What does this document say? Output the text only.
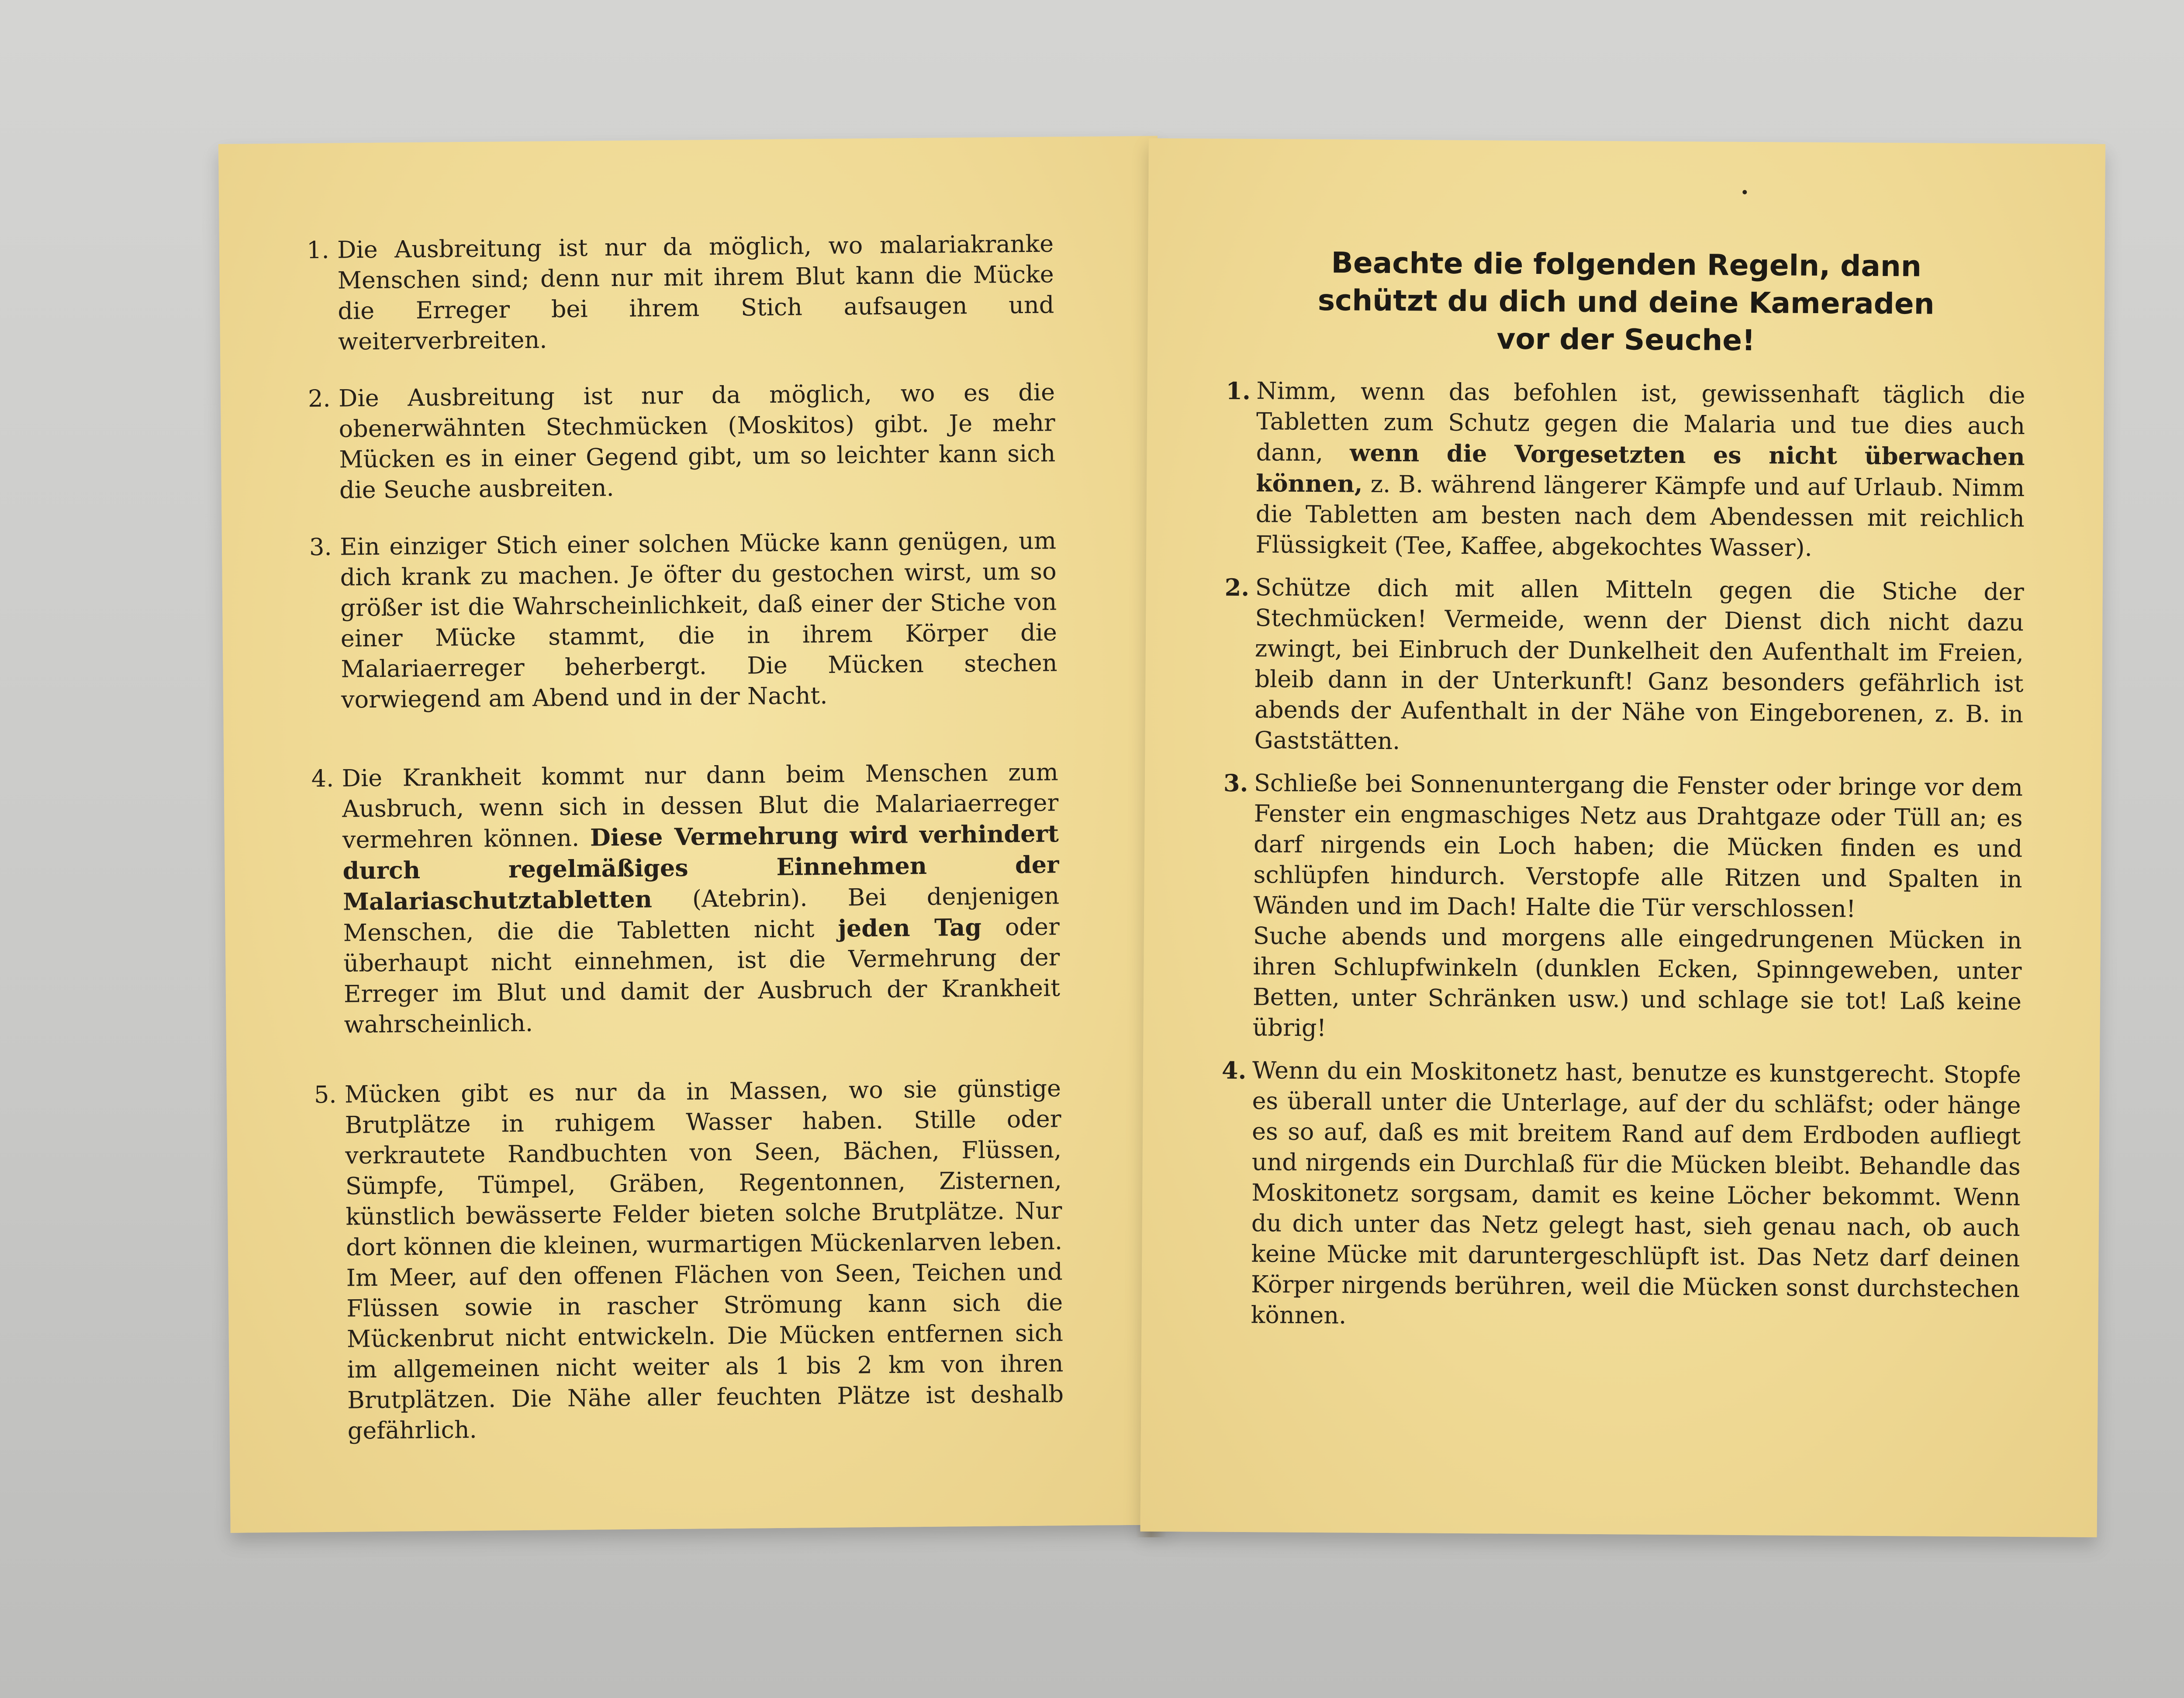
1. Die Ausbreitung ist nur da möglich, wo malariakranke Menschen sind; denn nur mit ihrem Blut kann die Mücke die Erreger bei ihrem Stich aufsaugen und weiterverbreiten.
2. Die Ausbreitung ist nur da möglich, wo es die obenerwähnten Stechmücken (Moskitos) gibt. Je mehr Mücken es in einer Gegend gibt, um so leichter kann sich die Seuche ausbreiten.
3. Ein einziger Stich einer solchen Mücke kann genügen, um dich krank zu machen. Je öfter du gestochen wirst, um so größer ist die Wahrscheinlichkeit, daß einer der Stiche von einer Mücke stammt, die in ihrem Körper die Malariaerreger beherbergt. Die Mücken stechen vorwiegend am Abend und in der Nacht.
4. Die Krankheit kommt nur dann beim Menschen zum Ausbruch, wenn sich in dessen Blut die Malariaerreger vermehren können. Diese Vermehrung wird verhindert durch regelmäßiges Einnehmen der Malariaschutztabletten (Atebrin). Bei denjenigen Menschen, die die Tabletten nicht jeden Tag oder überhaupt nicht einnehmen, ist die Vermehrung der Erreger im Blut und damit der Ausbruch der Krankheit wahrscheinlich.
5. Mücken gibt es nur da in Massen, wo sie günstige Brutplätze in ruhigem Wasser haben. Stille oder verkrautete Randbuchten von Seen, Bächen, Flüssen, Sümpfe, Tümpel, Gräben, Regentonnen, Zisternen, künstlich bewässerte Felder bieten solche Brutplätze. Nur dort können die kleinen, wurmartigen Mückenlarven leben. Im Meer, auf den offenen Flächen von Seen, Teichen und Flüssen sowie in rascher Strömung kann sich die Mückenbrut nicht entwickeln. Die Mücken entfernen sich im allgemeinen nicht weiter als 1 bis 2 km von ihren Brutplätzen. Die Nähe aller feuchten Plätze ist deshalb gefährlich.
Beachte die folgenden Regeln, dann
schützt du dich und deine Kameraden
vor der Seuche!
1. Nimm, wenn das befohlen ist, gewissenhaft täglich die Tabletten zum Schutz gegen die Malaria und tue dies auch dann, wenn die Vorgesetzten es nicht überwachen können, z. B. während längerer Kämpfe und auf Urlaub. Nimm die Tabletten am besten nach dem Abendessen mit reichlich Flüssigkeit (Tee, Kaffee, abgekochtes Wasser).
2. Schütze dich mit allen Mitteln gegen die Stiche der Stechmücken! Vermeide, wenn der Dienst dich nicht dazu zwingt, bei Einbruch der Dunkelheit den Aufenthalt im Freien, bleib dann in der Unterkunft! Ganz besonders gefährlich ist abends der Aufenthalt in der Nähe von Eingeborenen, z. B. in Gaststätten.
3. Schließe bei Sonnenuntergang die Fenster oder bringe vor dem Fenster ein engmaschiges Netz aus Drahtgaze oder Tüll an; es darf nirgends ein Loch haben; die Mücken finden es und schlüpfen hindurch. Verstopfe alle Ritzen und Spalten in Wänden und im Dach! Halte die Tür verschlossen!
Suche abends und morgens alle eingedrungenen Mücken in ihren Schlupfwinkeln (dunklen Ecken, Spinngeweben, unter Betten, unter Schränken usw.) und schlage sie tot! Laß keine übrig!
4. Wenn du ein Moskitonetz hast, benutze es kunstgerecht. Stopfe es überall unter die Unterlage, auf der du schläfst; oder hänge es so auf, daß es mit breitem Rand auf dem Erdboden aufliegt und nirgends ein Durchlaß für die Mücken bleibt. Behandle das Moskitonetz sorgsam, damit es keine Löcher bekommt. Wenn du dich unter das Netz gelegt hast, sieh genau nach, ob auch keine Mücke mit daruntergeschlüpft ist. Das Netz darf deinen Körper nirgends berühren, weil die Mücken sonst durchstechen können.
